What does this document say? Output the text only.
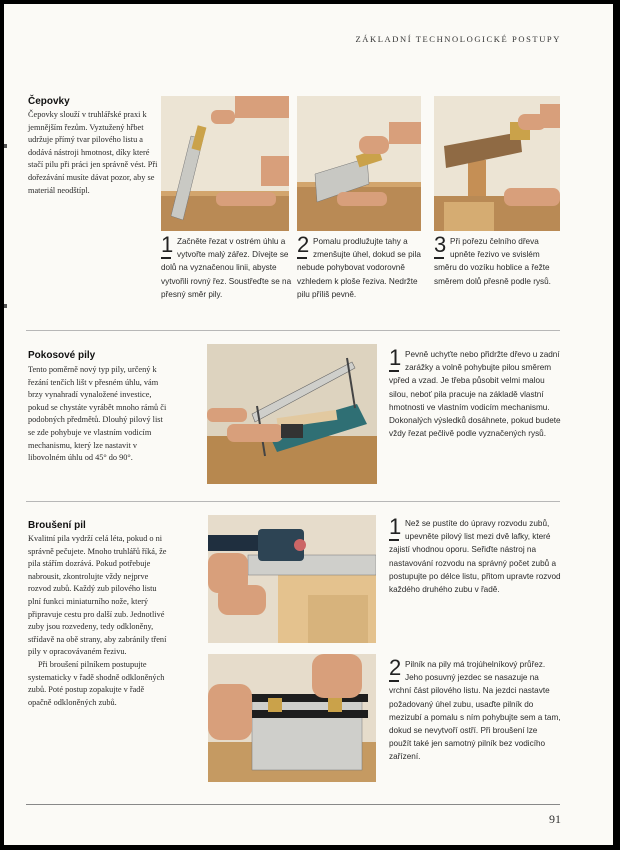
ZÁKLADNÍ TECHNOLOGICKÉ POSTUPY
Čepovky

Čepovky slouží v truhlářské praxi k jemnějším řezům. Vyztužený hřbet udržuje přímý tvar pilového listu a dodává nástroji hmotnost, díky které stačí pilu při práci jen správně vést. Při dořezávání musíte dávat pozor, aby se materiál neodštípl.

1 Začněte řezat v ostrém úhlu a vytvořte malý zářez. Dívejte se dolů na vyznačenou linii, abyste vytvořili rovný řez. Soustřeďte se na přesný směr pily.
2 Pomalu prodlužujte tahy a zmenšujte úhel, dokud se pila nebude pohybovat vodorovně vzhledem k ploše řeziva. Nedržte pilu příliš pevně.
3 Při pořezu čelního dřeva upněte řezivo ve svislém směru do vozíku hoblice a řežte směrem dolů přesně podle rysů.
Pokosové pily

Tento poměrně nový typ pily, určený k řezání tenčích lišt v přesném úhlu, vám brzy vynahradí vynaložené investice, pokud se chystáte vyrábět mnoho rámů či podobných předmětů. Dlouhý pilový list se zde pohybuje ve vlastním vodicím mechanismu, který lze nastavit v libovolném úhlu od 45° do 90°.

1 Pevně uchyťte nebo přidržte dřevo u zadní zarážky a volně pohybujte pilou směrem vpřed a vzad. Je třeba působit velmi malou silou, neboť pila pracuje na základě vlastní hmotnosti ve vlastním vodicím mechanismu. Dokonalých výsledků dosáhnete, pokud budete vždy řezat pečlivě podle vyznačených rysů.
Broušení pil

Kvalitní pila vydrží celá léta, pokud o ni správně pečujete. Mnoho truhlářů říká, že pila stářím dozrává. Pokud potřebuje nabrousit, zkontrolujte vždy nejprve rozvod zubů. Každý zub pilového listu plní funkci miniaturního nože, který připravuje cestu pro další zub. Jednotlivé zuby jsou rozvedeny, tedy odkloněny, střídavě na obě strany, aby zabránily tření pily v opracovávaném řezivu.

Při broušení pilníkem postupujte systematicky v řadě shodně odkloněných zubů. Poté postup zopakujte v řadě opačně odkloněných zubů.

1 Než se pustíte do úpravy rozvodu zubů, upevněte pilový list mezi dvě lafky, které zajistí vhodnou oporu. Seřiďte nástroj na nastavování rozvodu na správný počet zubů a postupujte po délce listu, přitom upravte rozvod každého druhého zubu v řadě.
2 Pilník na pily má trojúhelníkový průřez. Jeho posuvný jezdec se nasazuje na vrchní část pilového listu. Na jezdci nastavte požadovaný úhel zubu, usaďte pilník do mezizubí a pomalu s ním pohybujte sem a tam, dokud se nevytvoří ostří. Při broušení lze použít také jen samotný pilník bez vodicího zařízení.
91
